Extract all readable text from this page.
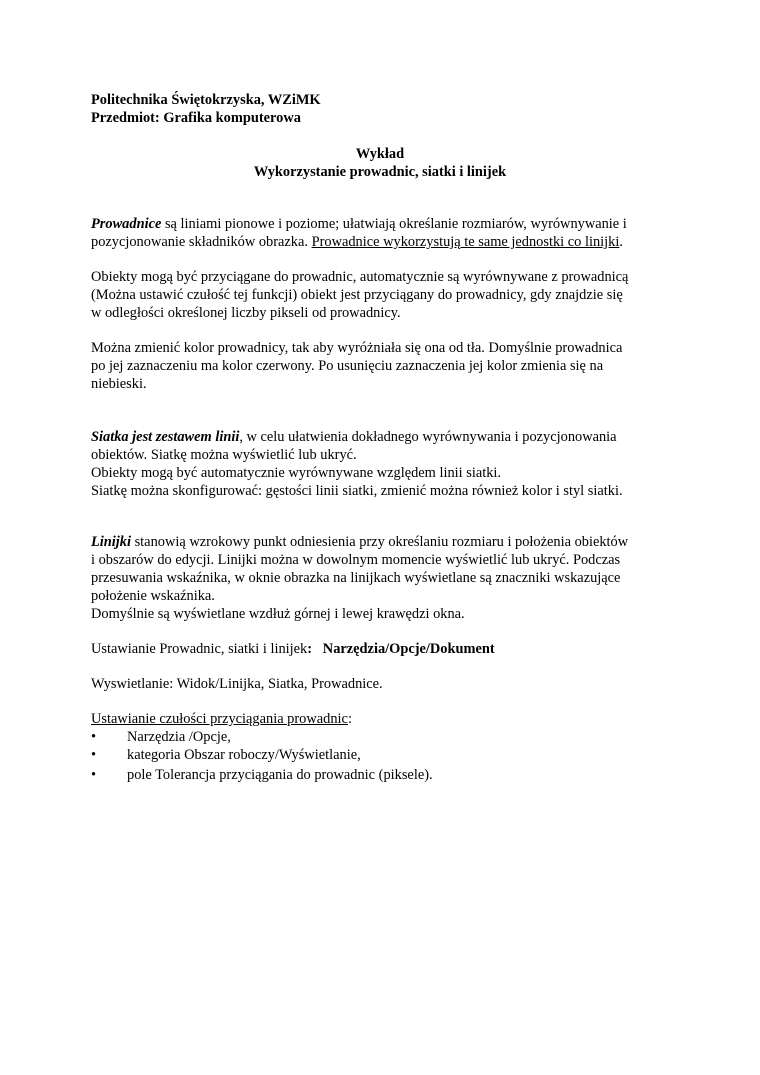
Politechnika Świętokrzyska, WZiMK
Przedmiot: Grafika komputerowa
Wykład
Wykorzystanie prowadnic, siatki i linijek
Prowadnice są liniami pionowe i poziome; ułatwiają określanie rozmiarów, wyrównywanie i
pozycjonowanie składników obrazka. Prowadnice wykorzystują te same jednostki co linijki.
Obiekty mogą być przyciągane do prowadnic, automatycznie są wyrównywane z prowadnicą
(Można ustawić czułość tej funkcji) obiekt jest przyciągany do prowadnicy, gdy znajdzie się
w odległości określonej liczby pikseli od prowadnicy.
Można zmienić kolor prowadnicy, tak aby wyróżniała się ona od tła. Domyślnie prowadnica
po jej zaznaczeniu ma kolor czerwony. Po usunięciu zaznaczenia jej kolor zmienia się na
niebieski.
Siatka jest zestawem linii, w celu ułatwienia dokładnego wyrównywania i pozycjonowania
obiektów. Siatkę można wyświetlić lub ukryć.
Obiekty mogą być automatycznie wyrównywane względem linii siatki.
Siatkę można skonfigurować: gęstości linii siatki, zmienić można również kolor i styl siatki.
Linijki stanowią wzrokowy punkt odniesienia przy określaniu rozmiaru i położenia obiektów
i obszarów do edycji. Linijki można w dowolnym momencie wyświetlić lub ukryć. Podczas
przesuwania wskaźnika, w oknie obrazka na linijkach wyświetlane są znaczniki wskazujące
położenie wskaźnika.
Domyślnie są wyświetlane wzdłuż górnej i lewej krawędzi okna.
Ustawianie Prowadnic, siatki i linijek:   Narzędzia/Opcje/Dokument
Wyswietlanie: Widok/Linijka, Siatka, Prowadnice.
Ustawianie czułości przyciągania prowadnic:
• Narzędzia /Opcje,
• kategoria Obszar roboczy/Wyświetlanie,
• pole Tolerancja przyciągania do prowadnic (piksele).
